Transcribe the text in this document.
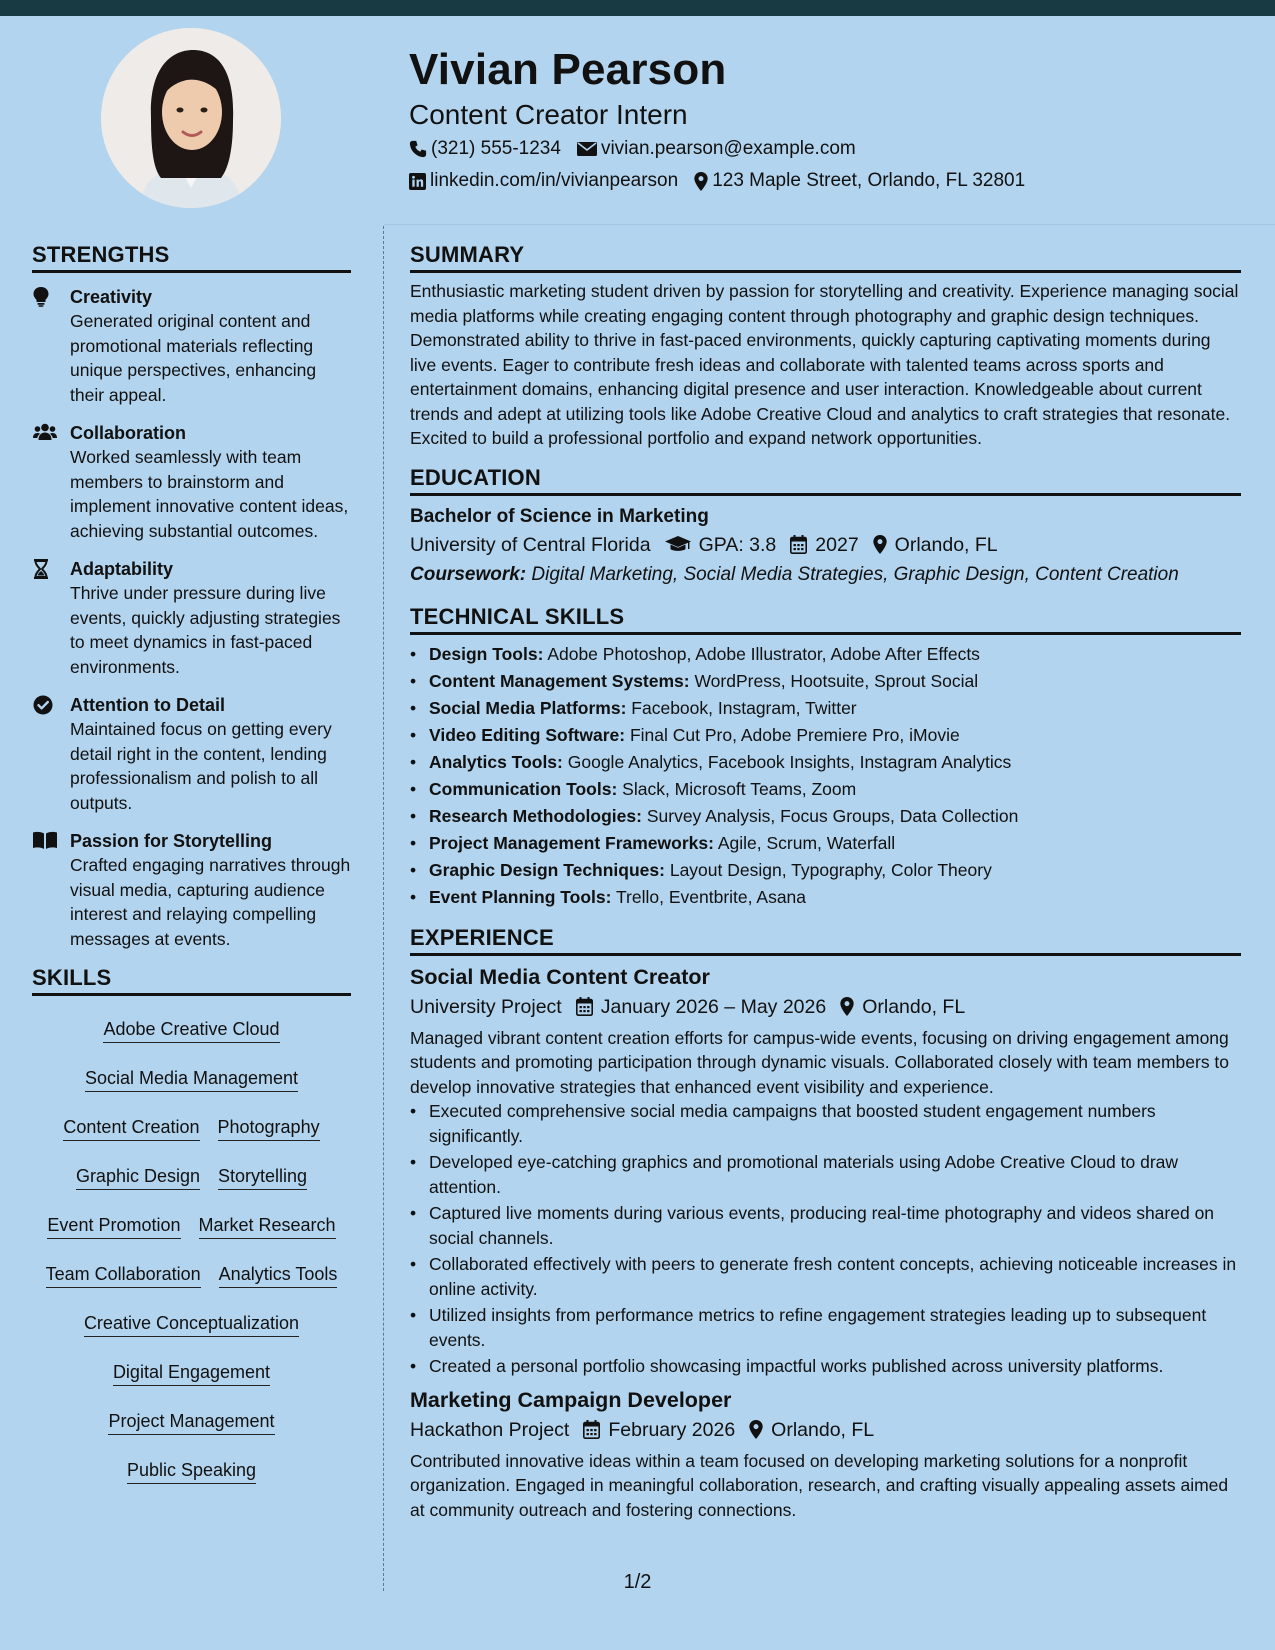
Vivian Pearson
Content Creator Intern
(321) 555-1234 vivian.pearson@example.com
linkedin.com/in/vivianpearson 123 Maple Street, Orlando, FL 32801
STRENGTHS
Creativity
Generated original content and promotional materials reflecting unique perspectives, enhancing their appeal.
Collaboration
Worked seamlessly with team members to brainstorm and implement innovative content ideas, achieving substantial outcomes.
Adaptability
Thrive under pressure during live events, quickly adjusting strategies to meet dynamics in fast-paced environments.
Attention to Detail
Maintained focus on getting every detail right in the content, lending professionalism and polish to all outputs.
Passion for Storytelling
Crafted engaging narratives through visual media, capturing audience interest and relaying compelling messages at events.
SKILLS
Adobe Creative Cloud
Social Media Management
Content Creation Photography
Graphic Design Storytelling
Event Promotion Market Research
Team Collaboration Analytics Tools
Creative Conceptualization
Digital Engagement
Project Management
Public Speaking
SUMMARY
Enthusiastic marketing student driven by passion for storytelling and creativity. Experience managing social media platforms while creating engaging content through photography and graphic design techniques. Demonstrated ability to thrive in fast-paced environments, quickly capturing captivating moments during live events. Eager to contribute fresh ideas and collaborate with talented teams across sports and entertainment domains, enhancing digital presence and user interaction. Knowledgeable about current trends and adept at utilizing tools like Adobe Creative Cloud and analytics to craft strategies that resonate. Excited to build a professional portfolio and expand network opportunities.
EDUCATION
Bachelor of Science in Marketing
University of Central Florida GPA: 3.8 2027 Orlando, FL
Coursework: Digital Marketing, Social Media Strategies, Graphic Design, Content Creation
TECHNICAL SKILLS
• Design Tools: Adobe Photoshop, Adobe Illustrator, Adobe After Effects
• Content Management Systems: WordPress, Hootsuite, Sprout Social
• Social Media Platforms: Facebook, Instagram, Twitter
• Video Editing Software: Final Cut Pro, Adobe Premiere Pro, iMovie
• Analytics Tools: Google Analytics, Facebook Insights, Instagram Analytics
• Communication Tools: Slack, Microsoft Teams, Zoom
• Research Methodologies: Survey Analysis, Focus Groups, Data Collection
• Project Management Frameworks: Agile, Scrum, Waterfall
• Graphic Design Techniques: Layout Design, Typography, Color Theory
• Event Planning Tools: Trello, Eventbrite, Asana
EXPERIENCE
Social Media Content Creator
University Project January 2026 – May 2026 Orlando, FL
Managed vibrant content creation efforts for campus-wide events, focusing on driving engagement among students and promoting participation through dynamic visuals. Collaborated closely with team members to develop innovative strategies that enhanced event visibility and experience.
• Executed comprehensive social media campaigns that boosted student engagement numbers significantly.
• Developed eye-catching graphics and promotional materials using Adobe Creative Cloud to draw attention.
• Captured live moments during various events, producing real-time photography and videos shared on social channels.
• Collaborated effectively with peers to generate fresh content concepts, achieving noticeable increases in online activity.
• Utilized insights from performance metrics to refine engagement strategies leading up to subsequent events.
• Created a personal portfolio showcasing impactful works published across university platforms.
Marketing Campaign Developer
Hackathon Project February 2026 Orlando, FL
Contributed innovative ideas within a team focused on developing marketing solutions for a nonprofit organization. Engaged in meaningful collaboration, research, and crafting visually appealing assets aimed at community outreach and fostering connections.
1/2
